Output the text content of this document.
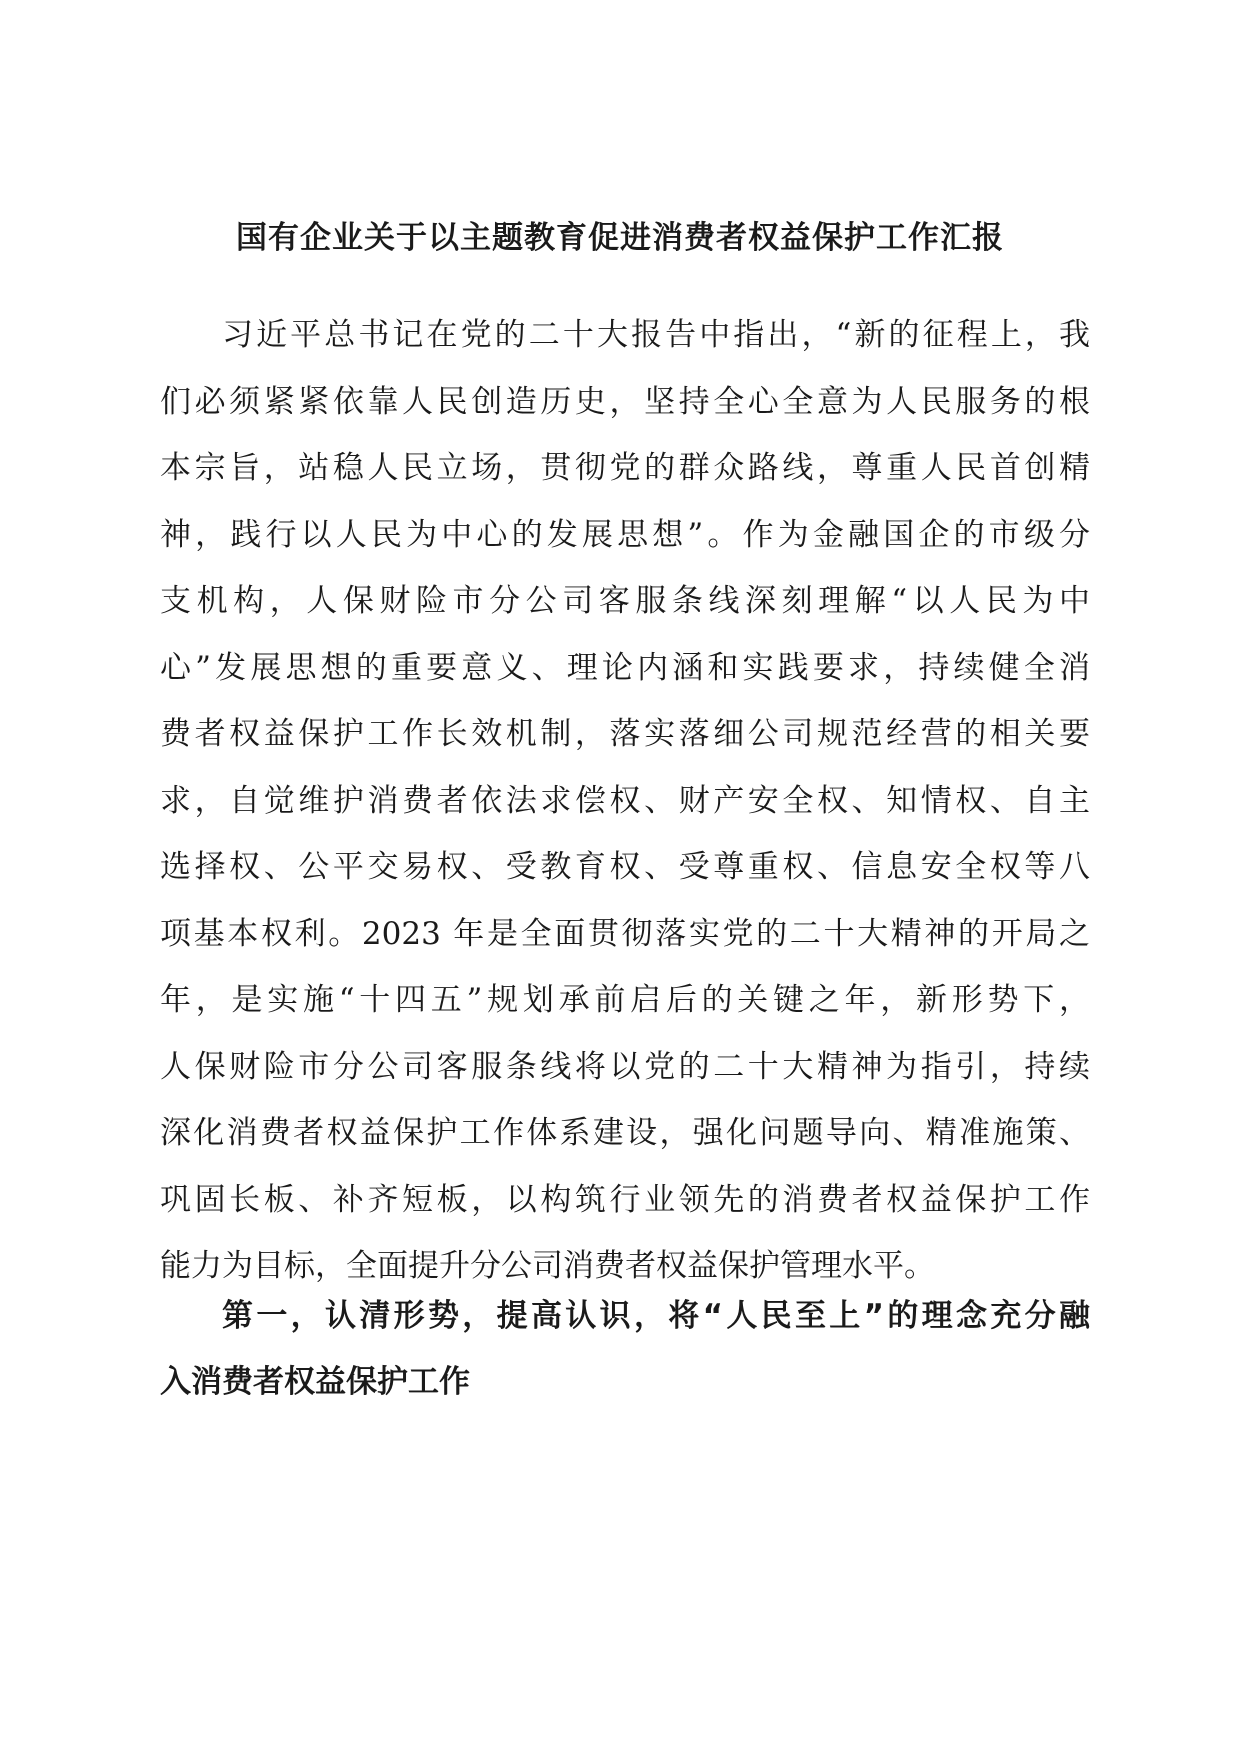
国有企业关于以主题教育促进消费者权益保护工作汇报
习近平总书记在党的二十大报告中指出，“新的征程上，我
们必须紧紧依靠人民创造历史，坚持全心全意为人民服务的根
本宗旨，站稳人民立场，贯彻党的群众路线，尊重人民首创精
神，践行以人民为中心的发展思想”。作为金融国企的市级分
支机构，人保财险市分公司客服条线深刻理解“以人民为中
心”发展思想的重要意义、理论内涵和实践要求，持续健全消
费者权益保护工作长效机制，落实落细公司规范经营的相关要
求，自觉维护消费者依法求偿权、财产安全权、知情权、自主
选择权、公平交易权、受教育权、受尊重权、信息安全权等八
项基本权利。2023 年是全面贯彻落实党的二十大精神的开局之
年，是实施“十四五”规划承前启后的关键之年，新形势下，
人保财险市分公司客服条线将以党的二十大精神为指引，持续
深化消费者权益保护工作体系建设，强化问题导向、精准施策、
巩固长板、补齐短板，以构筑行业领先的消费者权益保护工作
能力为目标，全面提升分公司消费者权益保护管理水平。
第一，认清形势，提高认识，将“人民至上”的理念充分融
入消费者权益保护工作
